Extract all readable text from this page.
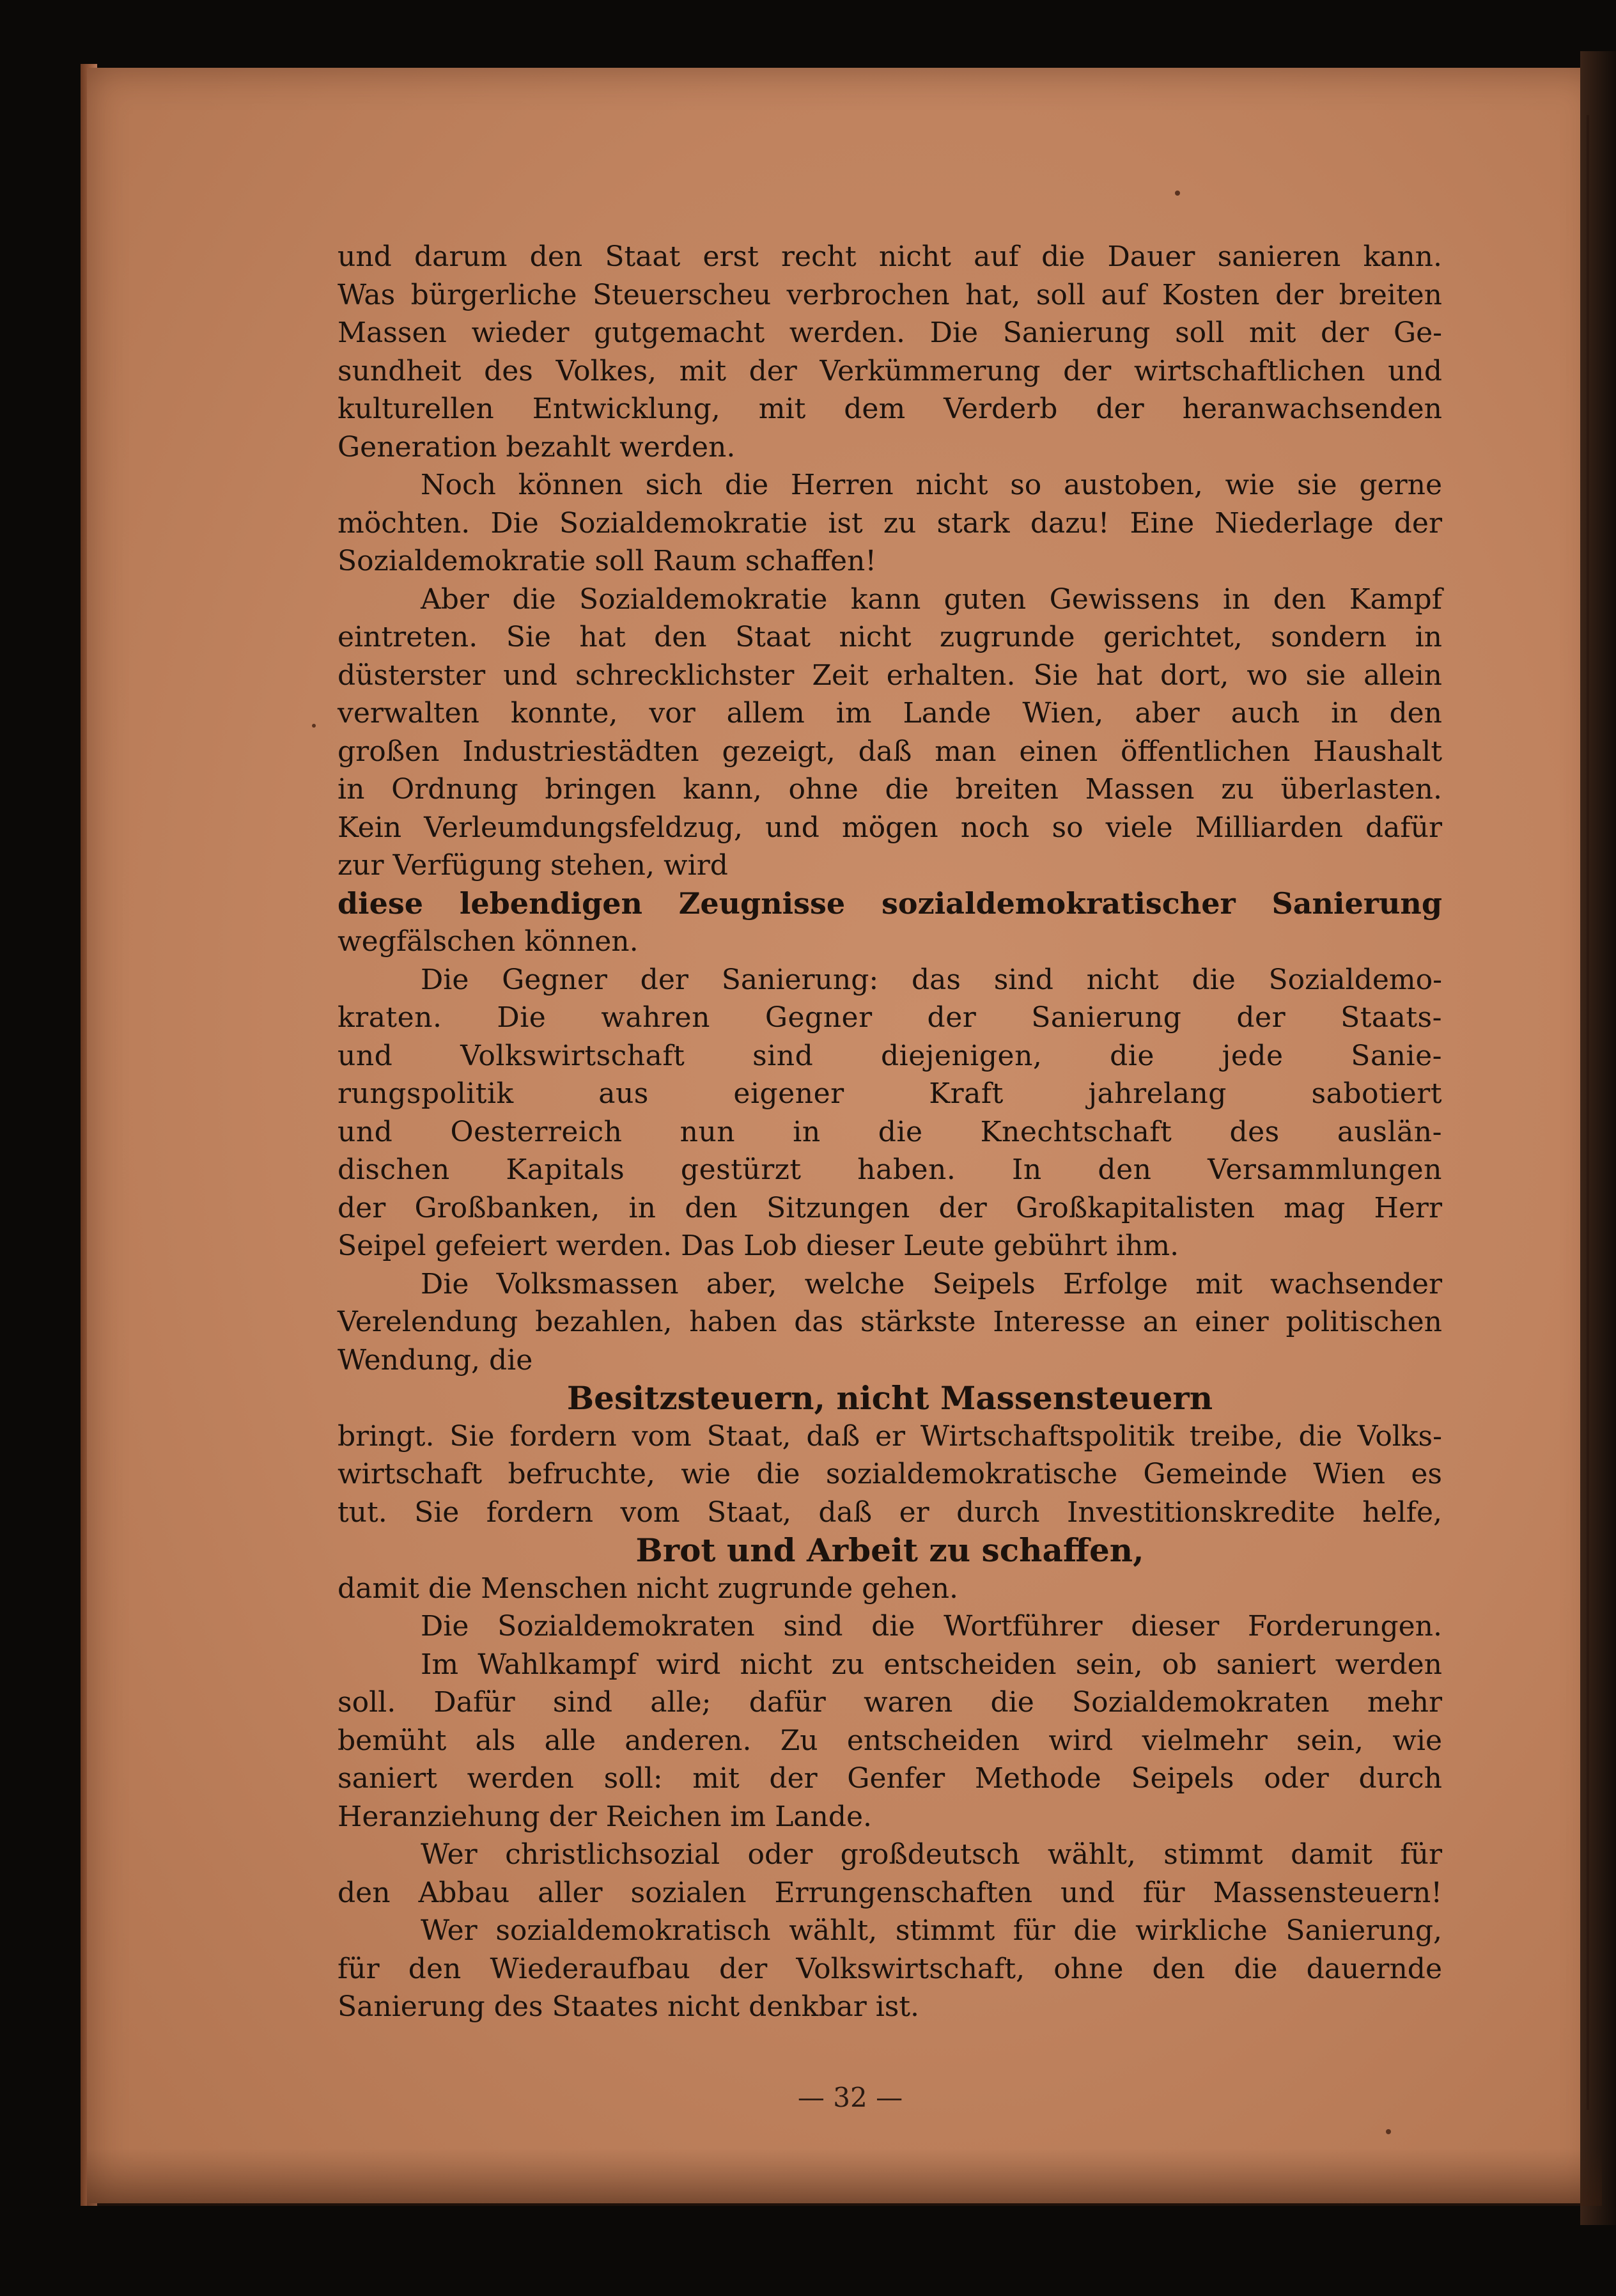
und darum den Staat erst recht nicht auf die Dauer sanieren kann.
Was bürgerliche Steuerscheu verbrochen hat, soll auf Kosten der breiten
Massen wieder gutgemacht werden. Die Sanierung soll mit der Ge-
sundheit des Volkes, mit der Verkümmerung der wirtschaftlichen und
kulturellen Entwicklung, mit dem Verderb der heranwachsenden
Generation bezahlt werden.
Noch können sich die Herren nicht so austoben, wie sie gerne
möchten. Die Sozialdemokratie ist zu stark dazu! Eine Niederlage der
Sozialdemokratie soll Raum schaffen!
Aber die Sozialdemokratie kann guten Gewissens in den Kampf
eintreten. Sie hat den Staat nicht zugrunde gerichtet, sondern in
düsterster und schrecklichster Zeit erhalten. Sie hat dort, wo sie allein
verwalten konnte, vor allem im Lande Wien, aber auch in den
großen Industriestädten gezeigt, daß man einen öffentlichen Haushalt
in Ordnung bringen kann, ohne die breiten Massen zu überlasten.
Kein Verleumdungsfeldzug, und mögen noch so viele Milliarden dafür
zur Verfügung stehen, wird
diese lebendigen Zeugnisse sozialdemokratischer Sanierung
wegfälschen können.
Die Gegner der Sanierung: das sind nicht die Sozialdemo-
kraten. Die wahren Gegner der Sanierung der Staats-
und Volkswirtschaft sind diejenigen, die jede Sanie-
rungspolitik aus eigener Kraft jahrelang sabotiert
und Oesterreich nun in die Knechtschaft des auslän-
dischen Kapitals gestürzt haben. In den Versammlungen
der Großbanken, in den Sitzungen der Großkapitalisten mag Herr
Seipel gefeiert werden. Das Lob dieser Leute gebührt ihm.
Die Volksmassen aber, welche Seipels Erfolge mit wachsender
Verelendung bezahlen, haben das stärkste Interesse an einer politischen
Wendung, die
Besitzsteuern, nicht Massensteuern
bringt. Sie fordern vom Staat, daß er Wirtschaftspolitik treibe, die Volks-
wirtschaft befruchte, wie die sozialdemokratische Gemeinde Wien es
tut. Sie fordern vom Staat, daß er durch Investitionskredite helfe,
Brot und Arbeit zu schaffen,
damit die Menschen nicht zugrunde gehen.
Die Sozialdemokraten sind die Wortführer dieser Forderungen.
Im Wahlkampf wird nicht zu entscheiden sein, ob saniert werden
soll. Dafür sind alle; dafür waren die Sozialdemokraten mehr
bemüht als alle anderen. Zu entscheiden wird vielmehr sein, wie
saniert werden soll: mit der Genfer Methode Seipels oder durch
Heranziehung der Reichen im Lande.
Wer christlichsozial oder großdeutsch wählt, stimmt damit für
den Abbau aller sozialen Errungenschaften und für Massensteuern!
Wer sozialdemokratisch wählt, stimmt für die wirkliche Sanierung,
für den Wiederaufbau der Volkswirtschaft, ohne den die dauernde
Sanierung des Staates nicht denkbar ist.
— 32 —
